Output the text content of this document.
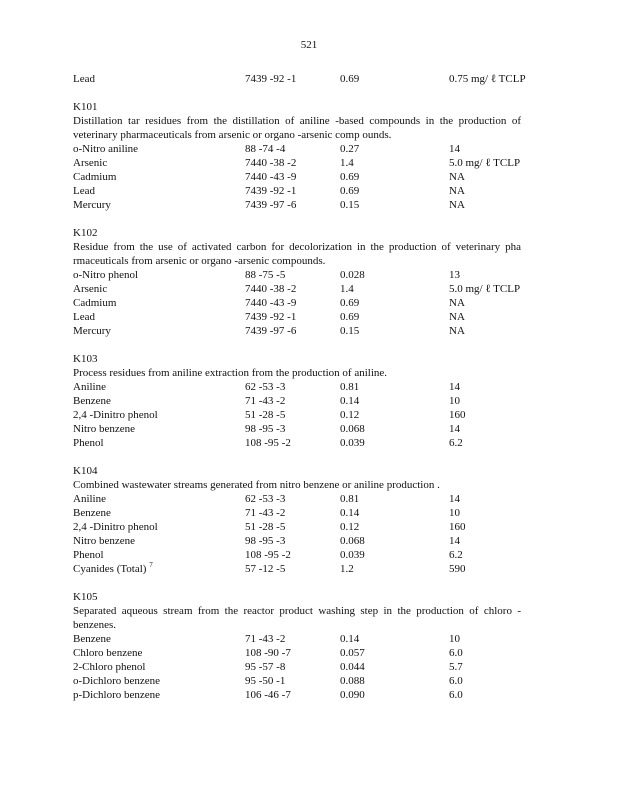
521
Lead	7439 -92 -1	0.69	0.75 mg/ ℓ TCLP
K101
Distillation tar residues from the distillation of aniline -based compounds in the production of veterinary pharmaceuticals from arsenic or organo -arsenic comp ounds.
o-Nitro aniline	88 -74 -4	0.27	14
Arsenic	7440 -38 -2	1.4	5.0 mg/ ℓ TCLP
Cadmium	7440 -43 -9	0.69	NA
Lead	7439 -92 -1	0.69	NA
Mercury	7439 -97 -6	0.15	NA
K102
Residue from the use of activated carbon for decolorization in the production of veterinary pha rmaceuticals from arsenic or organo -arsenic compounds.
o-Nitro phenol	88 -75 -5	0.028	13
Arsenic	7440 -38 -2	1.4	5.0 mg/ ℓ TCLP
Cadmium	7440 -43 -9	0.69	NA
Lead	7439 -92 -1	0.69	NA
Mercury	7439 -97 -6	0.15	NA
K103
Process residues from aniline extraction from the production of aniline.
Aniline	62 -53 -3	0.81	14
Benzene	71 -43 -2	0.14	10
2,4 -Dinitro phenol	51 -28 -5	0.12	160
Nitro benzene	98 -95 -3	0.068	14
Phenol	108 -95 -2	0.039	6.2
K104
Combined wastewater streams generated from nitro benzene or aniline production .
Aniline	62 -53 -3	0.81	14
Benzene	71 -43 -2	0.14	10
2,4 -Dinitro phenol	51 -28 -5	0.12	160
Nitro benzene	98 -95 -3	0.068	14
Phenol	108 -95 -2	0.039	6.2
Cyanides (Total) $^7$	57 -12 -5	1.2	590
K105
Separated aqueous stream from the reactor product washing step in the production of chloro - benzenes.
Benzene	71 -43 -2	0.14	10
Chloro benzene	108 -90 -7	0.057	6.0
2-Chloro phenol	95 -57 -8	0.044	5.7
o-Dichloro benzene	95 -50 -1	0.088	6.0
p-Dichloro benzene	106 -46 -7	0.090	6.0
